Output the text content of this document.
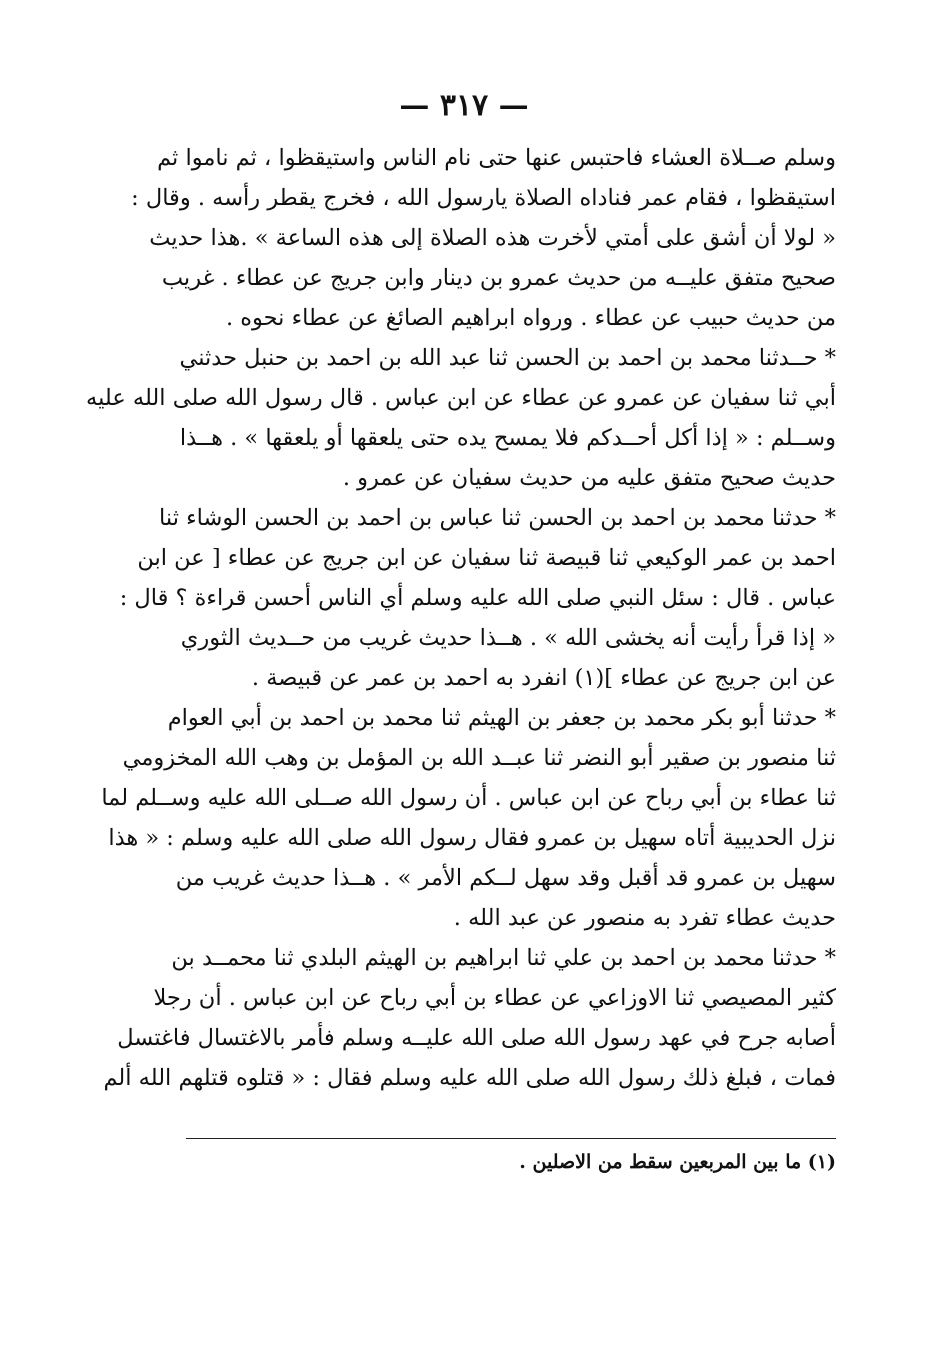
— ٣١٧ —
وسلم صــلاة العشاء فاحتبس عنها حتى نام الناس واستيقظوا ، ثم ناموا ثم
استيقظوا ، فقام عمر فناداه الصلاة يارسول الله ، فخرج يقطر رأسه . وقال :
« لولا أن أشق على أمتي لأخرت هذه الصلاة إلى هذه الساعة » .هذا حديث
صحيح متفق عليــه من حديث عمرو بن دينار وابن جريج عن عطاء . غريب
من حديث حبيب عن عطاء . ورواه ابراهيم الصائغ عن عطاء نحوه .
* حــدثنا محمد بن احمد بن الحسن ثنا عبد الله بن احمد بن حنبل حدثني
أبي ثنا سفيان عن عمرو عن عطاء عن ابن عباس . قال رسول الله صلى الله عليه
وســلم : « إذا أكل أحــدكم فلا يمسح يده حتى يلعقها أو يلعقها » . هــذا
حديث صحيح متفق عليه من حديث سفيان عن عمرو .
* حدثنا محمد بن احمد بن الحسن ثنا عباس بن احمد بن الحسن الوشاء ثنا
احمد بن عمر الوكيعي ثنا قبيصة ثنا سفيان عن ابن جريج عن عطاء [ عن ابن
عباس . قال : سئل النبي صلى الله عليه وسلم أي الناس أحسن قراءة ؟ قال :
« إذا قرأ رأيت أنه يخشى الله » . هــذا حديث غريب من حــديث الثوري
عن ابن جريج عن عطاء ](١) انفرد به احمد بن عمر عن قبيصة .
* حدثنا أبو بكر محمد بن جعفر بن الهيثم ثنا محمد بن احمد بن أبي العوام
ثنا منصور بن صقير أبو النضر ثنا عبــد الله بن المؤمل بن وهب الله المخزومي
ثنا عطاء بن أبي رباح عن ابن عباس . أن رسول الله صــلى الله عليه وســلم لما
نزل الحديبية أتاه سهيل بن عمرو فقال رسول الله صلى الله عليه وسلم : « هذا
سهيل بن عمرو قد أقبل وقد سهل لــكم الأمر » . هــذا حديث غريب من
حديث عطاء تفرد به منصور عن عبد الله .
* حدثنا محمد بن احمد بن علي ثنا ابراهيم بن الهيثم البلدي ثنا محمــد بن
كثير المصيصي ثنا الاوزاعي عن عطاء بن أبي رباح عن ابن عباس . أن رجلا
أصابه جرح في عهد رسول الله صلى الله عليــه وسلم فأمر بالاغتسال فاغتسل
فمات ، فبلغ ذلك رسول الله صلى الله عليه وسلم فقال : « قتلوه قتلهم الله ألم
(١) ما بين المربعين سقط من الاصلين .
